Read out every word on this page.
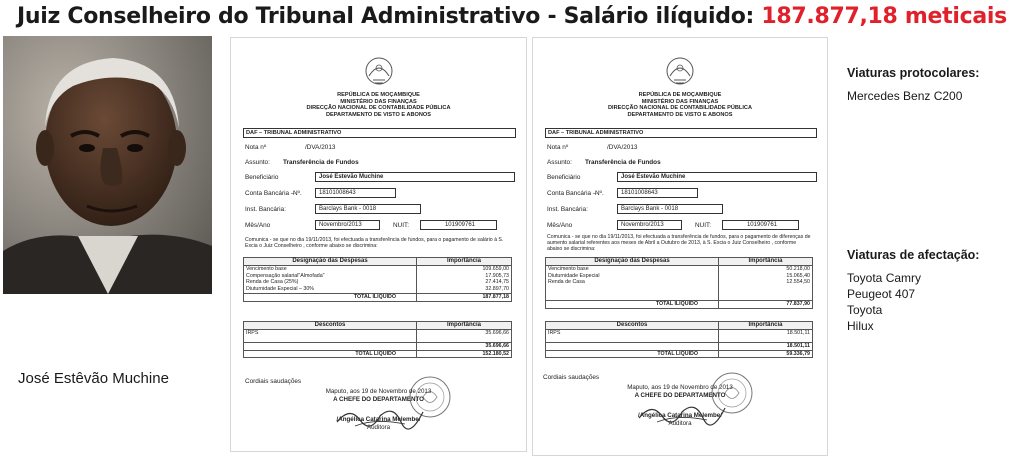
Juiz Conselheiro do Tribunal Administrativo - Salário ilíquido: 187.877,18 meticais
José Estêvão Muchine
REPÚBLICA DE MOÇAMBIQUE
MINISTÉRIO DAS FINANÇAS
DIRECÇÃO NACIONAL DE CONTABILIDADE PÚBLICA
DEPARTAMENTO DE VISTO E ABONOS
DAF – TRIBUNAL ADMINISTRATIVO
Nota nº	/DVA/2013
Assunto: Transferência de Fundos
Beneficiário	José Estevão Muchine
Conta Bancária –
Nº.	18101008643
Inst. Bancária:	Barclays Bank - 0018
Mês/Ano	Novembro/2013	NUIT:	101909761
Comunica - se que no dia 19/11/2013, foi efectuada a transferência de fundos, para o pagamento de salário à S. Excia o Juiz Conselheiro , conforme abaixo se discrimina:
Designação das Despesas	Importância
Vencimento base	109.659,00
Compensação salarial"Almofada"	17.905,73
Renda de Casa (25%)	27.414,75
Diuturnidade Especial – 30%	32.897,70
TOTAL ILIQUIDO	187.877,18
Descontos	Importância
IRPS	35.696,66
	35.696,66
TOTAL LIQUIDO	152.180,52
Cordiais saudações
Maputo, aos 19 de Novembro de 2013
A CHEFE DO DEPARTAMENTO
/Angélica Catarina Melembe/
Auditora
REPÚBLICA DE MOÇAMBIQUE
MINISTÉRIO DAS FINANÇAS
DIRECÇÃO NACIONAL DE CONTABILIDADE PÚBLICA
DEPARTAMENTO DE VISTO E ABONOS
DAF – TRIBUNAL ADMINISTRATIVO
Nota nº	/DVA/2013
Assunto: Transferência de Fundos
Beneficiário	José Estevão Muchine
Conta Bancária –
Nº.	18101008643
Inst. Bancária:	Barclays Bank - 0018
Mês/Ano	Novembro/2013	NUIT:	101909761
Comunica - se que no dia 19/11/2013, foi efectuada a transferência de fundos, para o pagamento de diferenças de aumento salarial referentes aos meses de Abril a Outubro de 2013, à S. Excia o Juiz Conselheiro , conforme abaixo se discrimina:
Designação das Despesas	Importância
Vencimento base	50.218,00
Diuturnidade Especial	15.065,40
Renda de Casa	12.554,50

TOTAL ILIQUIDO	77.837,90
Descontos	Importância
IRPS	18.501,11
	18.501,11
TOTAL LIQUIDO	59.336,79
Cordiais saudações
Maputo, aos 19 de Novembro de 2013
A CHEFE DO DEPARTAMENTO
/Angélica Catarina Melembe/
Auditora
Viaturas protocolares:
Mercedes Benz C200
Viaturas de afectação:
Toyota Camry
Peugeot 407
Toyota
Hilux
